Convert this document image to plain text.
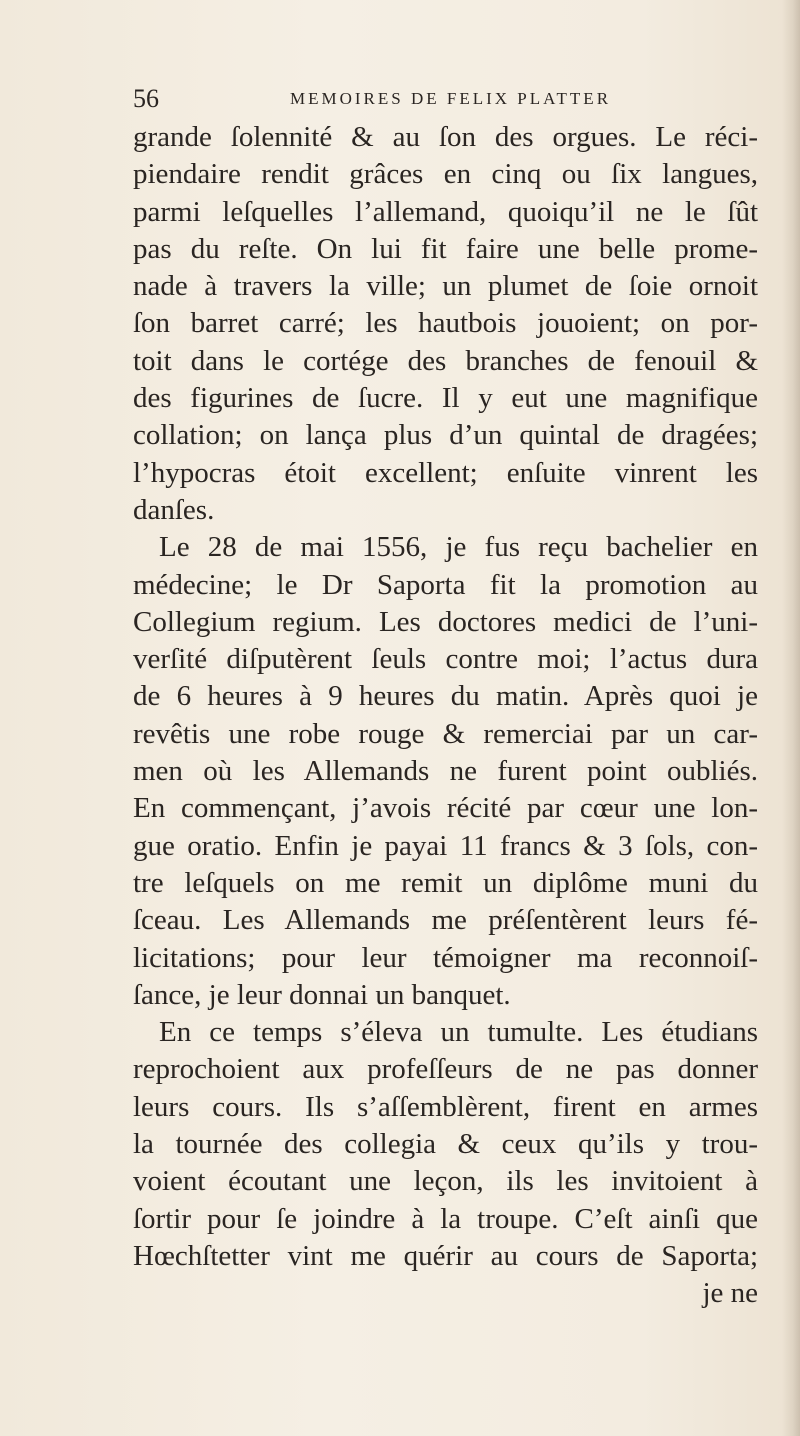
56	MEMOIRES DE FELIX PLATTER
grande ſolennité & au ſon des orgues. Le réci-
piendaire rendit grâces en cinq ou ſix langues,
parmi leſquelles l’allemand, quoiqu’il ne le ſût
pas du reſte. On lui fit faire une belle prome-
nade à travers la ville; un plumet de ſoie ornoit
ſon barret carré; les hautbois jouoient; on por-
toit dans le cortége des branches de fenouil &
des figurines de ſucre. Il y eut une magnifique
collation; on lança plus d’un quintal de dragées;
l’hypocras étoit excellent; enſuite vinrent les
danſes.
Le 28 de mai 1556, je fus reçu bachelier en
médecine; le Dr Saporta fit la promotion au
Collegium regium. Les doctores medici de l’uni-
verſité diſputèrent ſeuls contre moi; l’actus dura
de 6 heures à 9 heures du matin. Après quoi je
revêtis une robe rouge & remerciai par un car-
men où les Allemands ne furent point oubliés.
En commençant, j’avois récité par cœur une lon-
gue oratio. Enfin je payai 11 francs & 3 ſols, con-
tre leſquels on me remit un diplôme muni du
ſceau. Les Allemands me préſentèrent leurs fé-
licitations; pour leur témoigner ma reconnoiſ-
ſance, je leur donnai un banquet.
En ce temps s’éleva un tumulte. Les étudians
reprochoient aux profeſſeurs de ne pas donner
leurs cours. Ils s’aſſemblèrent, firent en armes
la tournée des collegia & ceux qu’ils y trou-
voient écoutant une leçon, ils les invitoient à
ſortir pour ſe joindre à la troupe. C’eſt ainſi que
Hœchſtetter vint me quérir au cours de Saporta;
je ne
